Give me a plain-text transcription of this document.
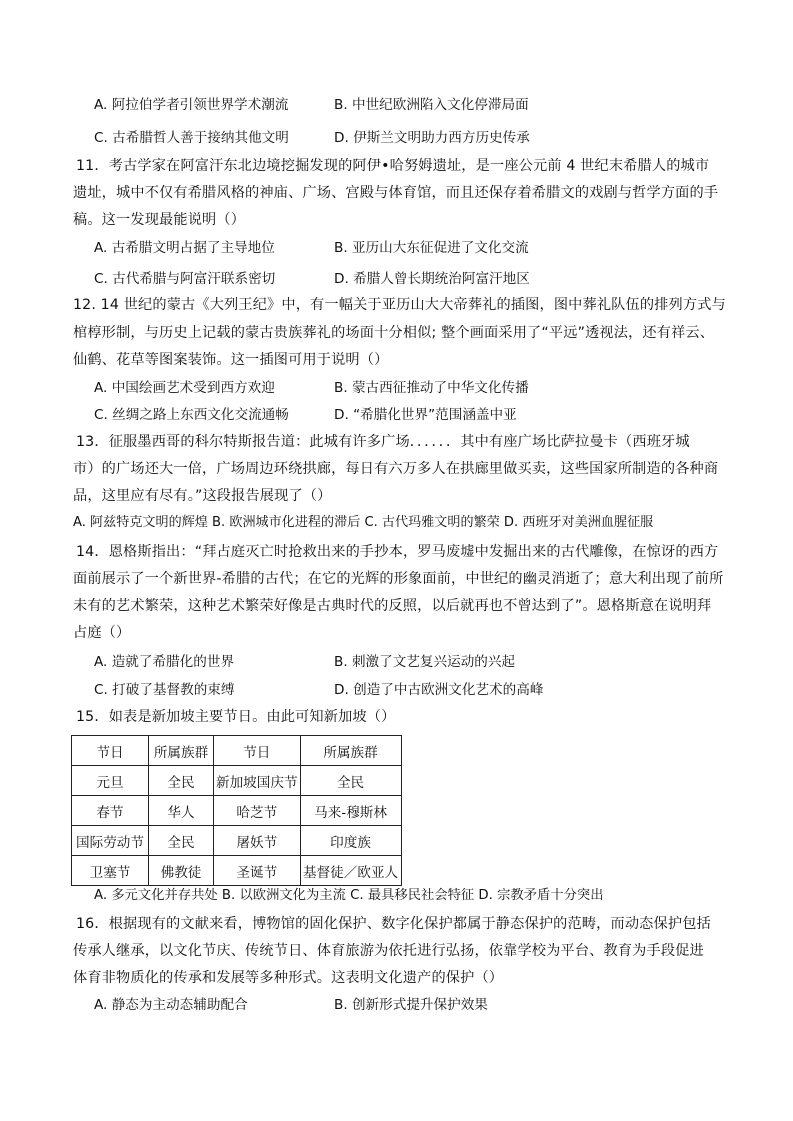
A. 阿拉伯学者引领世界学术潮流	B. 中世纪欧洲陷入文化停滞局面
C. 古希腊哲人善于接纳其他文明	D. 伊斯兰文明助力西方历史传承
11．考古学家在阿富汗东北边境挖掘发现的阿伊•哈努姆遗址，是一座公元前 4 世纪末希腊人的城市
遗址，城中不仅有希腊风格的神庙、广场、宫殿与体育馆，而且还保存着希腊文的戏剧与哲学方面的手
稿。这一发现最能说明（）
A. 古希腊文明占据了主导地位	B. 亚历山大东征促进了文化交流
C. 古代希腊与阿富汗联系密切	D. 希腊人曾长期统治阿富汗地区
12. 14 世纪的蒙古《大列王纪》中，有一幅关于亚历山大大帝葬礼的插图，图中葬礼队伍的排列方式与
棺椁形制，与历史上记载的蒙古贵族葬礼的场面十分相似; 整个画面采用了“平远”透视法，还有祥云、
仙鹤、花草等图案装饰。这一插图可用于说明（）
A. 中国绘画艺术受到西方欢迎	B. 蒙古西征推动了中华文化传播
C. 丝绸之路上东西文化交流通畅	D. “希腊化世界”范围涵盖中亚
13．征服墨西哥的科尔特斯报告道：此城有许多广场．．．．．．其中有座广场比萨拉曼卡（西班牙城
市）的广场还大一倍，广场周边环绕拱廊，每日有六万多人在拱廊里做买卖，这些国家所制造的各种商
品，这里应有尽有。”这段报告展现了（）
A. 阿兹特克文明的辉煌 B. 欧洲城市化进程的滞后 C. 古代玛雅文明的繁荣 D. 西班牙对美洲血腥征服
14．恩格斯指出：“拜占庭灭亡时抢救出来的手抄本，罗马废墟中发掘出来的古代雕像，在惊讶的西方
面前展示了一个新世界-希腊的古代；在它的光辉的形象面前，中世纪的幽灵消逝了；意大利出现了前所
未有的艺术繁荣，这种艺术繁荣好像是古典时代的反照，以后就再也不曾达到了”。恩格斯意在说明拜
占庭（）
A. 造就了希腊化的世界	B. 刺激了文艺复兴运动的兴起
C. 打破了基督教的束缚	D. 创造了中古欧洲文化艺术的高峰
15．如表是新加坡主要节日。由此可知新加坡（）
节日	所属族群	节日	所属族群
元旦	全民	新加坡国庆节	全民
春节	华人	哈芝节	马来-穆斯林
国际劳动节	全民	屠妖节	印度族
卫塞节	佛教徒	圣诞节	基督徒／欧亚人
A. 多元文化并存共处 B. 以欧洲文化为主流 C. 最具移民社会特征 D. 宗教矛盾十分突出
16．根据现有的文献来看，博物馆的固化保护、数字化保护都属于静态保护的范畴，而动态保护包括
传承人继承，以文化节庆、传统节日、体育旅游为依托进行弘扬，依靠学校为平台、教育为手段促进
体育非物质化的传承和发展等多种形式。这表明文化遗产的保护（）
A. 静态为主动态辅助配合	B. 创新形式提升保护效果
